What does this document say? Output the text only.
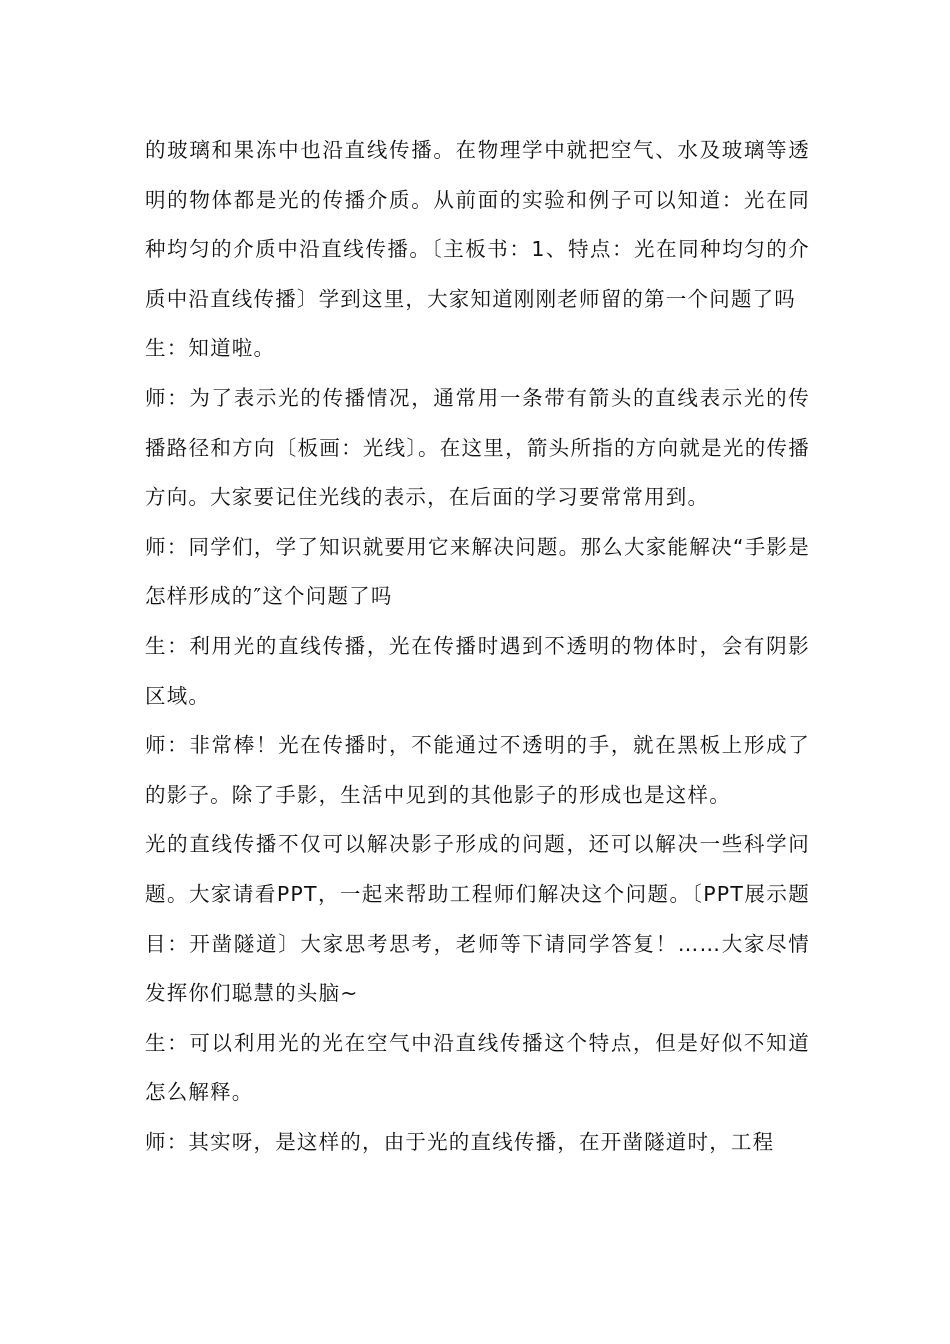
的玻璃和果冻中也沿直线传播。在物理学中就把空气、水及玻璃等透明的物体都是光的传播介质。从前面的实验和例子可以知道：光在同种均匀的介质中沿直线传播。〔主板书：1、特点：光在同种均匀的介质中沿直线传播〕学到这里，大家知道刚刚老师留的第一个问题了吗

生：知道啦。

师：为了表示光的传播情况，通常用一条带有箭头的直线表示光的传播路径和方向〔板画：光线〕。在这里，箭头所指的方向就是光的传播方向。大家要记住光线的表示，在后面的学习要常常用到。

师：同学们，学了知识就要用它来解决问题。那么大家能解决“手影是怎样形成的″这个问题了吗

生：利用光的直线传播，光在传播时遇到不透明的物体时，会有阴影区域。

师：非常棒！光在传播时，不能通过不透明的手，就在黑板上形成了的影子。除了手影，生活中见到的其他影子的形成也是这样。

光的直线传播不仅可以解决影子形成的问题，还可以解决一些科学问题。大家请看PPT，一起来帮助工程师们解决这个问题。〔PPT展示题目：开凿隧道〕大家思考思考，老师等下请同学答复！……大家尽情发挥你们聪慧的头脑~

生：可以利用光的光在空气中沿直线传播这个特点，但是好似不知道怎么解释。

师：其实呀，是这样的，由于光的直线传播，在开凿隧道时，工程
